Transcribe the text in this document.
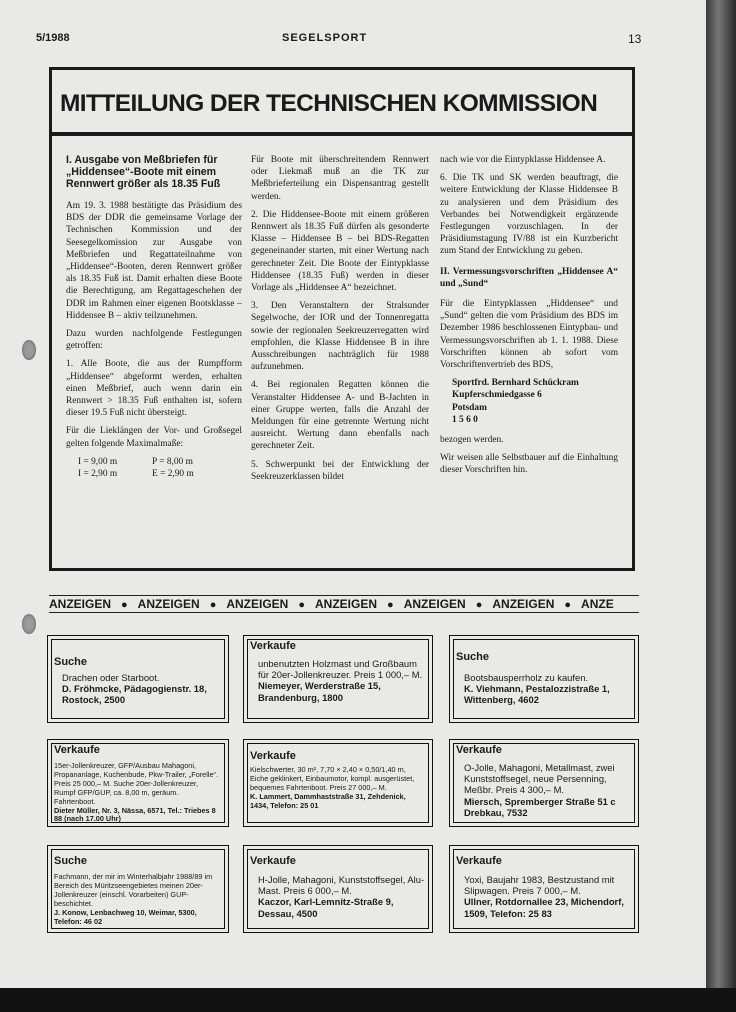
5/1988	SEGELSPORT	13
MITTEILUNG DER TECHNISCHEN KOMMISSION

I. Ausgabe von Meßbriefen für „Hiddensee“-Boote mit einem Rennwert größer als 18.35 Fuß

Am 19. 3. 1988 bestätigte das Präsidium des BDS der DDR die gemeinsame Vorlage der Technischen Kommission und der Seesegelkomission zur Ausgabe von Meßbriefen und Regattateilnahme von „Hiddensee“-Booten, deren Rennwert größer als 18.35 Fuß ist. Damit erhalten diese Boote die Berechtigung, am Regattageschehen der DDR im Rahmen einer eigenen Bootsklasse – Hiddensee B – aktiv teilzunehmen.

Dazu wurden nachfolgende Festlegungen getroffen:

1. Alle Boote, die aus der Rumpfform „Hiddensee“ abgeformt werden, erhalten einen Meßbrief, auch wenn darin ein Rennwert > 18.35 Fuß enthalten ist, sofern dieser 19.5 Fuß nicht übersteigt.

Für die Lieklängen der Vor- und Großsegel gelten folgende Maximalmaße:

I = 9,00 m	P = 8,00 m
I = 2,90 m	E = 2,90 m

Für Boote mit überschreitendem Rennwert oder Liekmaß muß an die TK zur Meßbrieferteilung ein Dispensantrag gestellt werden.

2. Die Hiddensee-Boote mit einem größeren Rennwert als 18.35 Fuß dürfen als gesonderte Klasse – Hiddensee B – bei BDS-Regatten gegeneinander starten, mit einer Wertung nach gerechneter Zeit. Die Boote der Eintypklasse Hiddensee (18.35 Fuß) werden in dieser Vorlage als „Hiddensee A“ bezeichnet.

3. Den Veranstaltern der Stralsunder Segelwoche, der IOR und der Tonnenregatta sowie der regionalen Seekreuzerregatten wird empfohlen, die Klasse Hiddensee B in ihre Ausschreibungen nachträglich für 1988 aufzunehmen.

4. Bei regionalen Regatten können die Veranstalter Hiddensee A- und B-Jachten in einer Gruppe werten, falls die Anzahl der Meldungen für eine getrennte Wertung nicht ausreicht. Wertung dann ebenfalls nach gerechneter Zeit.

5. Schwerpunkt bei der Entwicklung der Seekreuzerklassen bildet

nach wie vor die Eintypklasse Hiddensee A.

6. Die TK und SK werden beauftragt, die weitere Entwicklung der Klasse Hiddensee B zu analysieren und dem Präsidium des Verbandes bei Notwendigkeit ergänzende Festlegungen vorzuschlagen. In der Präsidiumstagung IV/88 ist ein Kurzbericht zum Stand der Entwicklung zu geben.

II. Vermessungsvorschriften „Hiddensee A“ und „Sund“

Für die Eintypklassen „Hiddensee“ und „Sund“ gelten die vom Präsidium des BDS im Dezember 1986 beschlossenen Eintypbau- und Vermessungsvorschriften ab 1. 1. 1988. Diese Vorschriften können ab sofort vom Vorschriftenvertrieb des BDS,

Sportfrd. Bernhard Schückram
Kupferschmiedgasse 6
Potsdam
1 5 6 0

bezogen werden.

Wir weisen alle Selbstbauer auf die Einhaltung dieser Vorschriften hin.

ANZEIGEN ● ANZEIGEN ● ANZEIGEN ● ANZEIGEN ● ANZEIGEN ● ANZEIGEN ● ANZE
Suche
Drachen oder Starboot.
D. Fröhmcke, Pädagogienstr. 18, Rostock, 2500
Verkaufe
unbenutzten Holzmast und Großbaum für 20er-Jollenkreuzer. Preis 1 000,– M.
Niemeyer, Werderstraße 15, Brandenburg, 1800
Suche
Bootsbausperrholz zu kaufen.
K. Viehmann, Pestalozzistraße 1, Wittenberg, 4602
Verkaufe
15er-Jollenkreuzer, GFP/Ausbau Mahagoni, Propananlage, Kuchenbude, Pkw-Trailer, „Forelle“. Preis 25 000,– M. Suche 20er-Jollenkreuzer, Rumpf GFP/GUP, ca. 8,00 m, geräum. Fahrtenboot.
Dieter Müller, Nr. 3, Nässa, 6571, Tel.: Triebes 8 88 (nach 17.00 Uhr)
Verkaufe
Kielschwerter, 30 m², 7,70 × 2,40 × 0,50/1,40 m, Eiche geklinkert, Einbaumotor, kompl. ausgerüstet, bequemes Fahrtenboot. Preis 27 000,– M.
K. Lammert, Dammhaststraße 31, Zehdenick, 1434, Telefon: 25 01
Verkaufe
O-Jolle, Mahagoni, Metallmast, zwei Kunststoffsegel, neue Persenning, Meßbr. Preis 4 300,– M.
Miersch, Spremberger Straße 51 c Drebkau, 7532
Suche
Fachmann, der mir im Winterhalbjahr 1988/89 im Bereich des Müritzseengebietes meinen 20er-Jollenkreuzer (einschl. Vorarbeiten) GUP-beschichtet.
J. Konow, Lenbachweg 10, Weimar, 5300, Telefon: 46 02
Verkaufe
H-Jolle, Mahagoni, Kunststoffsegel, Alu-Mast. Preis 6 000,– M.
Kaczor, Karl-Lemnitz-Straße 9, Dessau, 4500
Verkaufe
Yoxi, Baujahr 1983, Bestzustand mit Slipwagen. Preis 7 000,– M.
Ullner, Rotdornallee 23, Michendorf, 1509, Telefon: 25 83
